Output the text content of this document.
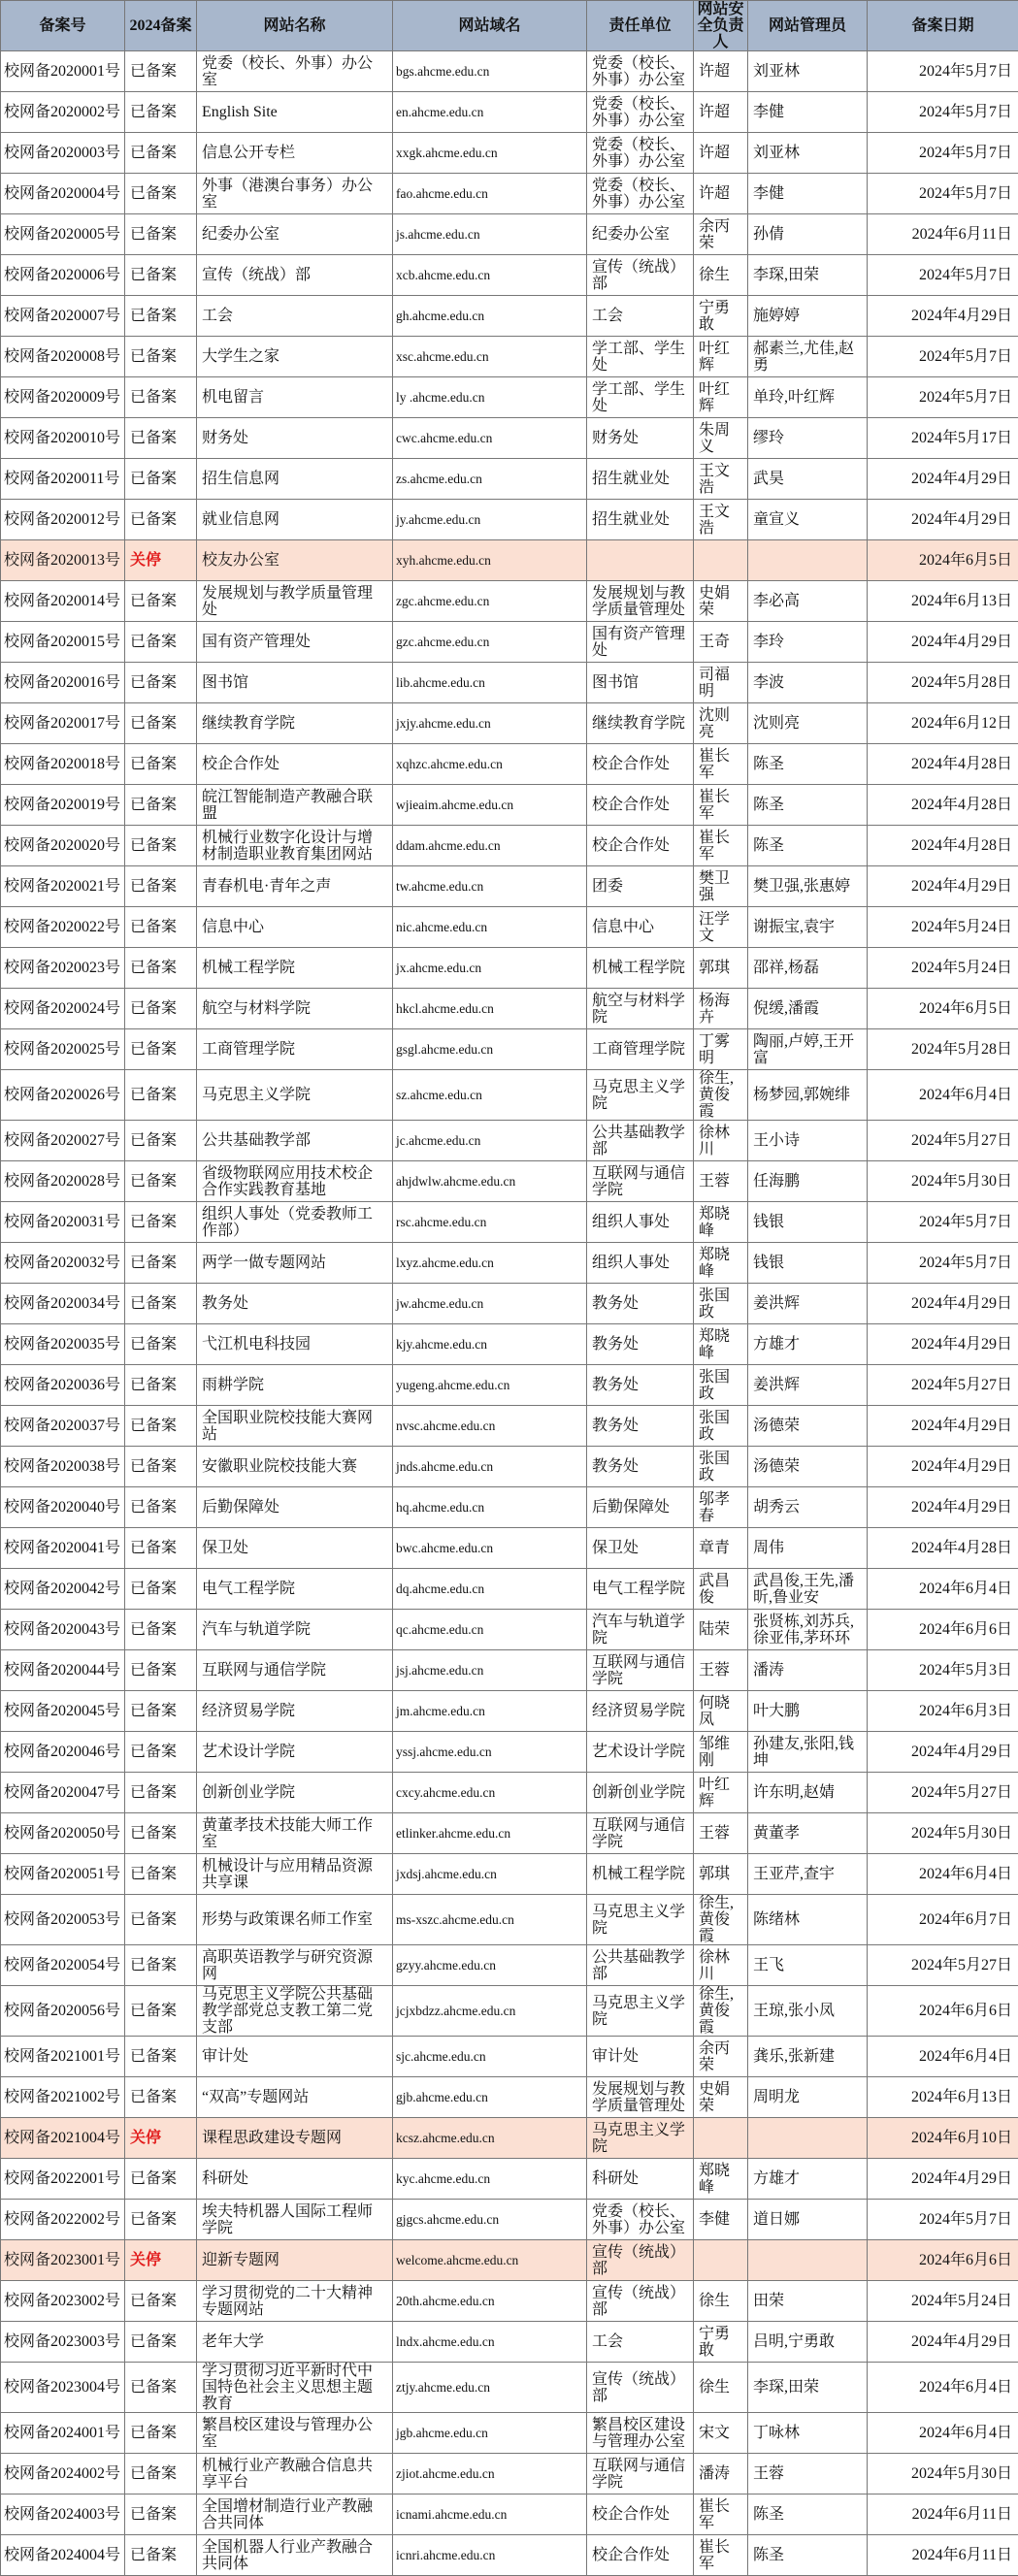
备案号	2024备案	网站名称	网站域名	责任单位	网站安全负责人	网站管理员	备案日期
校网备2020001号	已备案	党委（校长、外事）办公室	bgs.ahcme.edu.cn	党委（校长、外事）办公室	许超	刘亚林	2024年5月7日
校网备2020002号	已备案	English Site	en.ahcme.edu.cn	党委（校长、外事）办公室	许超	李健	2024年5月7日
校网备2020003号	已备案	信息公开专栏	xxgk.ahcme.edu.cn	党委（校长、外事）办公室	许超	刘亚林	2024年5月7日
校网备2020004号	已备案	外事（港澳台事务）办公室	fao.ahcme.edu.cn	党委（校长、外事）办公室	许超	李健	2024年5月7日
校网备2020005号	已备案	纪委办公室	js.ahcme.edu.cn	纪委办公室	余丙荣	孙倩	2024年6月11日
校网备2020006号	已备案	宣传（统战）部	xcb.ahcme.edu.cn	宣传（统战）部	徐生	李琛,田荣	2024年5月7日
校网备2020007号	已备案	工会	gh.ahcme.edu.cn	工会	宁勇敢	施婷婷	2024年4月29日
校网备2020008号	已备案	大学生之家	xsc.ahcme.edu.cn	学工部、学生处	叶红辉	郝素兰,尤佳,赵勇	2024年5月7日
校网备2020009号	已备案	机电留言	ly .ahcme.edu.cn	学工部、学生处	叶红辉	单玲,叶红辉	2024年5月7日
校网备2020010号	已备案	财务处	cwc.ahcme.edu.cn	财务处	朱周义	缪玲	2024年5月17日
校网备2020011号	已备案	招生信息网	zs.ahcme.edu.cn	招生就业处	王文浩	武昊	2024年4月29日
校网备2020012号	已备案	就业信息网	jy.ahcme.edu.cn	招生就业处	王文浩	童宣义	2024年4月29日
校网备2020013号	关停	校友办公室	xyh.ahcme.edu.cn				2024年6月5日
校网备2020014号	已备案	发展规划与教学质量管理处	zgc.ahcme.edu.cn	发展规划与教学质量管理处	史娟荣	李必高	2024年6月13日
校网备2020015号	已备案	国有资产管理处	gzc.ahcme.edu.cn	国有资产管理处	王奇	李玲	2024年4月29日
校网备2020016号	已备案	图书馆	lib.ahcme.edu.cn	图书馆	司福明	李波	2024年5月28日
校网备2020017号	已备案	继续教育学院	jxjy.ahcme.edu.cn	继续教育学院	沈则亮	沈则亮	2024年6月12日
校网备2020018号	已备案	校企合作处	xqhzc.ahcme.edu.cn	校企合作处	崔长军	陈圣	2024年4月28日
校网备2020019号	已备案	皖江智能制造产教融合联盟	wjieaim.ahcme.edu.cn	校企合作处	崔长军	陈圣	2024年4月28日
校网备2020020号	已备案	机械行业数字化设计与增材制造职业教育集团网站	ddam.ahcme.edu.cn	校企合作处	崔长军	陈圣	2024年4月28日
校网备2020021号	已备案	青春机电·青年之声	tw.ahcme.edu.cn	团委	樊卫强	樊卫强,张惠婷	2024年4月29日
校网备2020022号	已备案	信息中心	nic.ahcme.edu.cn	信息中心	汪学文	谢振宝,袁宇	2024年5月24日
校网备2020023号	已备案	机械工程学院	jx.ahcme.edu.cn	机械工程学院	郭琪	邵祥,杨磊	2024年5月24日
校网备2020024号	已备案	航空与材料学院	hkcl.ahcme.edu.cn	航空与材料学院	杨海卉	倪缓,潘霞	2024年6月5日
校网备2020025号	已备案	工商管理学院	gsgl.ahcme.edu.cn	工商管理学院	丁雾明	陶丽,卢婷,王开富	2024年5月28日
校网备2020026号	已备案	马克思主义学院	sz.ahcme.edu.cn	马克思主义学院	徐生,黄俊霞	杨梦园,郭婉绯	2024年6月4日
校网备2020027号	已备案	公共基础教学部	jc.ahcme.edu.cn	公共基础教学部	徐林川	王小诗	2024年5月27日
校网备2020028号	已备案	省级物联网应用技术校企合作实践教育基地	ahjdwlw.ahcme.edu.cn	互联网与通信学院	王蓉	任海鹏	2024年5月30日
校网备2020031号	已备案	组织人事处（党委教师工作部）	rsc.ahcme.edu.cn	组织人事处	郑晓峰	钱银	2024年5月7日
校网备2020032号	已备案	两学一做专题网站	lxyz.ahcme.edu.cn	组织人事处	郑晓峰	钱银	2024年5月7日
校网备2020034号	已备案	教务处	jw.ahcme.edu.cn	教务处	张国政	姜洪辉	2024年4月29日
校网备2020035号	已备案	弋江机电科技园	kjy.ahcme.edu.cn	教务处	郑晓峰	方雄才	2024年4月29日
校网备2020036号	已备案	雨耕学院	yugeng.ahcme.edu.cn	教务处	张国政	姜洪辉	2024年5月27日
校网备2020037号	已备案	全国职业院校技能大赛网站	nvsc.ahcme.edu.cn	教务处	张国政	汤德荣	2024年4月29日
校网备2020038号	已备案	安徽职业院校技能大赛	jnds.ahcme.edu.cn	教务处	张国政	汤德荣	2024年4月29日
校网备2020040号	已备案	后勤保障处	hq.ahcme.edu.cn	后勤保障处	邬孝春	胡秀云	2024年4月29日
校网备2020041号	已备案	保卫处	bwc.ahcme.edu.cn	保卫处	章青	周伟	2024年4月28日
校网备2020042号	已备案	电气工程学院	dq.ahcme.edu.cn	电气工程学院	武昌俊	武昌俊,王先,潘昕,鲁业安	2024年6月4日
校网备2020043号	已备案	汽车与轨道学院	qc.ahcme.edu.cn	汽车与轨道学院	陆荣	张贤栋,刘苏兵,徐亚伟,茅环环	2024年6月6日
校网备2020044号	已备案	互联网与通信学院	jsj.ahcme.edu.cn	互联网与通信学院	王蓉	潘涛	2024年5月3日
校网备2020045号	已备案	经济贸易学院	jm.ahcme.edu.cn	经济贸易学院	何晓凤	叶大鹏	2024年6月3日
校网备2020046号	已备案	艺术设计学院	yssj.ahcme.edu.cn	艺术设计学院	邹维刚	孙建友,张阳,钱坤	2024年4月29日
校网备2020047号	已备案	创新创业学院	cxcy.ahcme.edu.cn	创新创业学院	叶红辉	许东明,赵婧	2024年5月27日
校网备2020050号	已备案	黄董孝技术技能大师工作室	etlinker.ahcme.edu.cn	互联网与通信学院	王蓉	黄董孝	2024年5月30日
校网备2020051号	已备案	机械设计与应用精品资源共享课	jxdsj.ahcme.edu.cn	机械工程学院	郭琪	王亚芹,查宇	2024年6月4日
校网备2020053号	已备案	形势与政策课名师工作室	ms-xszc.ahcme.edu.cn	马克思主义学院	徐生,黄俊霞	陈绪林	2024年6月7日
校网备2020054号	已备案	高职英语教学与研究资源网	gzyy.ahcme.edu.cn	公共基础教学部	徐林川	王飞	2024年5月27日
校网备2020056号	已备案	马克思主义学院公共基础教学部党总支教工第二党支部	jcjxbdzz.ahcme.edu.cn	马克思主义学院	徐生,黄俊霞	王琼,张小凤	2024年6月6日
校网备2021001号	已备案	审计处	sjc.ahcme.edu.cn	审计处	余丙荣	龚乐,张新建	2024年6月4日
校网备2021002号	已备案	“双高”专题网站	gjb.ahcme.edu.cn	发展规划与教学质量管理处	史娟荣	周明龙	2024年6月13日
校网备2021004号	关停	课程思政建设专题网	kcsz.ahcme.edu.cn	马克思主义学院			2024年6月10日
校网备2022001号	已备案	科研处	kyc.ahcme.edu.cn	科研处	郑晓峰	方雄才	2024年4月29日
校网备2022002号	已备案	埃夫特机器人国际工程师学院	gjgcs.ahcme.edu.cn	党委（校长、外事）办公室	李健	道日娜	2024年5月7日
校网备2023001号	关停	迎新专题网	welcome.ahcme.edu.cn	宣传（统战）部			2024年6月6日
校网备2023002号	已备案	学习贯彻党的二十大精神专题网站	20th.ahcme.edu.cn	宣传（统战）部	徐生	田荣	2024年5月24日
校网备2023003号	已备案	老年大学	lndx.ahcme.edu.cn	工会	宁勇敢	吕明,宁勇敢	2024年4月29日
校网备2023004号	已备案	学习贯彻习近平新时代中国特色社会主义思想主题教育	ztjy.ahcme.edu.cn	宣传（统战）部	徐生	李琛,田荣	2024年6月4日
校网备2024001号	已备案	繁昌校区建设与管理办公室	jgb.ahcme.edu.cn	繁昌校区建设与管理办公室	宋文	丁咏林	2024年6月4日
校网备2024002号	已备案	机械行业产教融合信息共享平台	zjiot.ahcme.edu.cn	互联网与通信学院	潘涛	王蓉	2024年5月30日
校网备2024003号	已备案	全国增材制造行业产教融合共同体	icnami.ahcme.edu.cn	校企合作处	崔长军	陈圣	2024年6月11日
校网备2024004号	已备案	全国机器人行业产教融合共同体	icnri.ahcme.edu.cn	校企合作处	崔长军	陈圣	2024年6月11日
